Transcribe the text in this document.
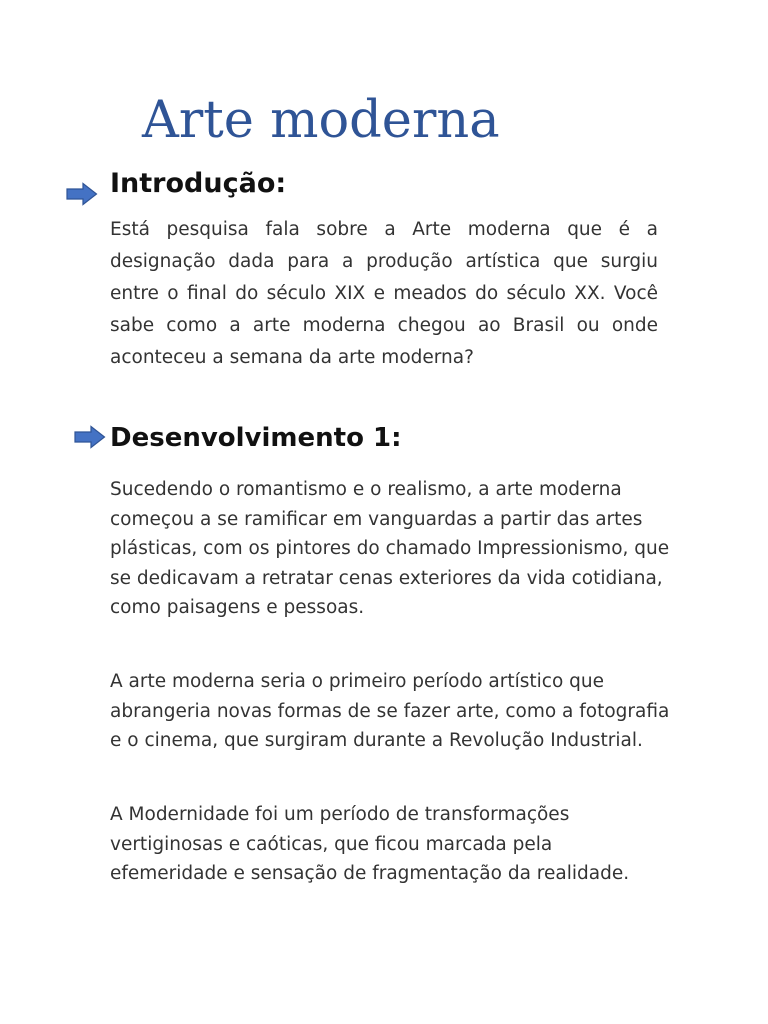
Arte moderna
Introdução:

Está pesquisa fala sobre a Arte moderna que é a designação dada para a produção artística que surgiu entre o final do século XIX e meados do século XX. Você sabe como a arte moderna chegou ao Brasil ou onde aconteceu a semana da arte moderna?

Desenvolvimento 1:

Sucedendo o romantismo e o realismo, a arte moderna começou a se ramificar em vanguardas a partir das artes plásticas, com os pintores do chamado Impressionismo, que se dedicavam a retratar cenas exteriores da vida cotidiana, como paisagens e pessoas.

A arte moderna seria o primeiro período artístico que abrangeria novas formas de se fazer arte, como a fotografia e o cinema, que surgiram durante a Revolução Industrial.

A Modernidade foi um período de transformações vertiginosas e caóticas, que ficou marcada pela efemeridade e sensação de fragmentação da realidade.
